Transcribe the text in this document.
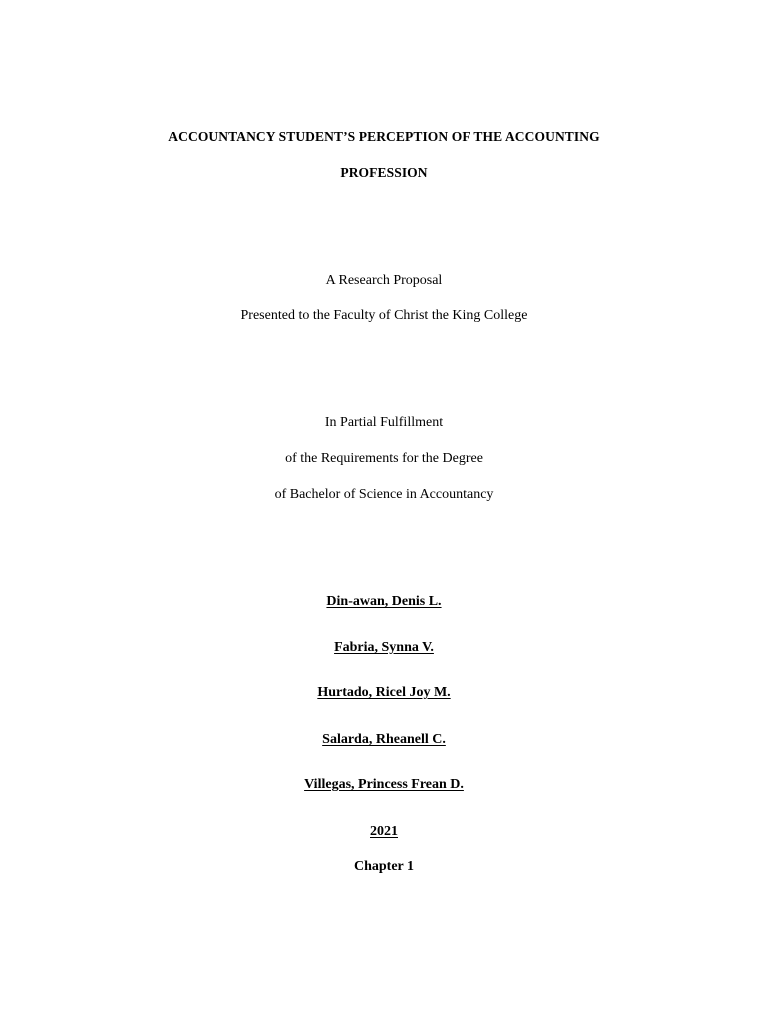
ACCOUNTANCY STUDENT’S PERCEPTION OF THE ACCOUNTING
PROFESSION
A Research Proposal
Presented to the Faculty of Christ the King College
In Partial Fulfillment
of the Requirements for the Degree
of Bachelor of Science in Accountancy
Din-awan, Denis L.
Fabria, Synna V.
Hurtado, Ricel Joy M.
Salarda, Rheanell C.
Villegas, Princess Frean D.
2021
Chapter 1
